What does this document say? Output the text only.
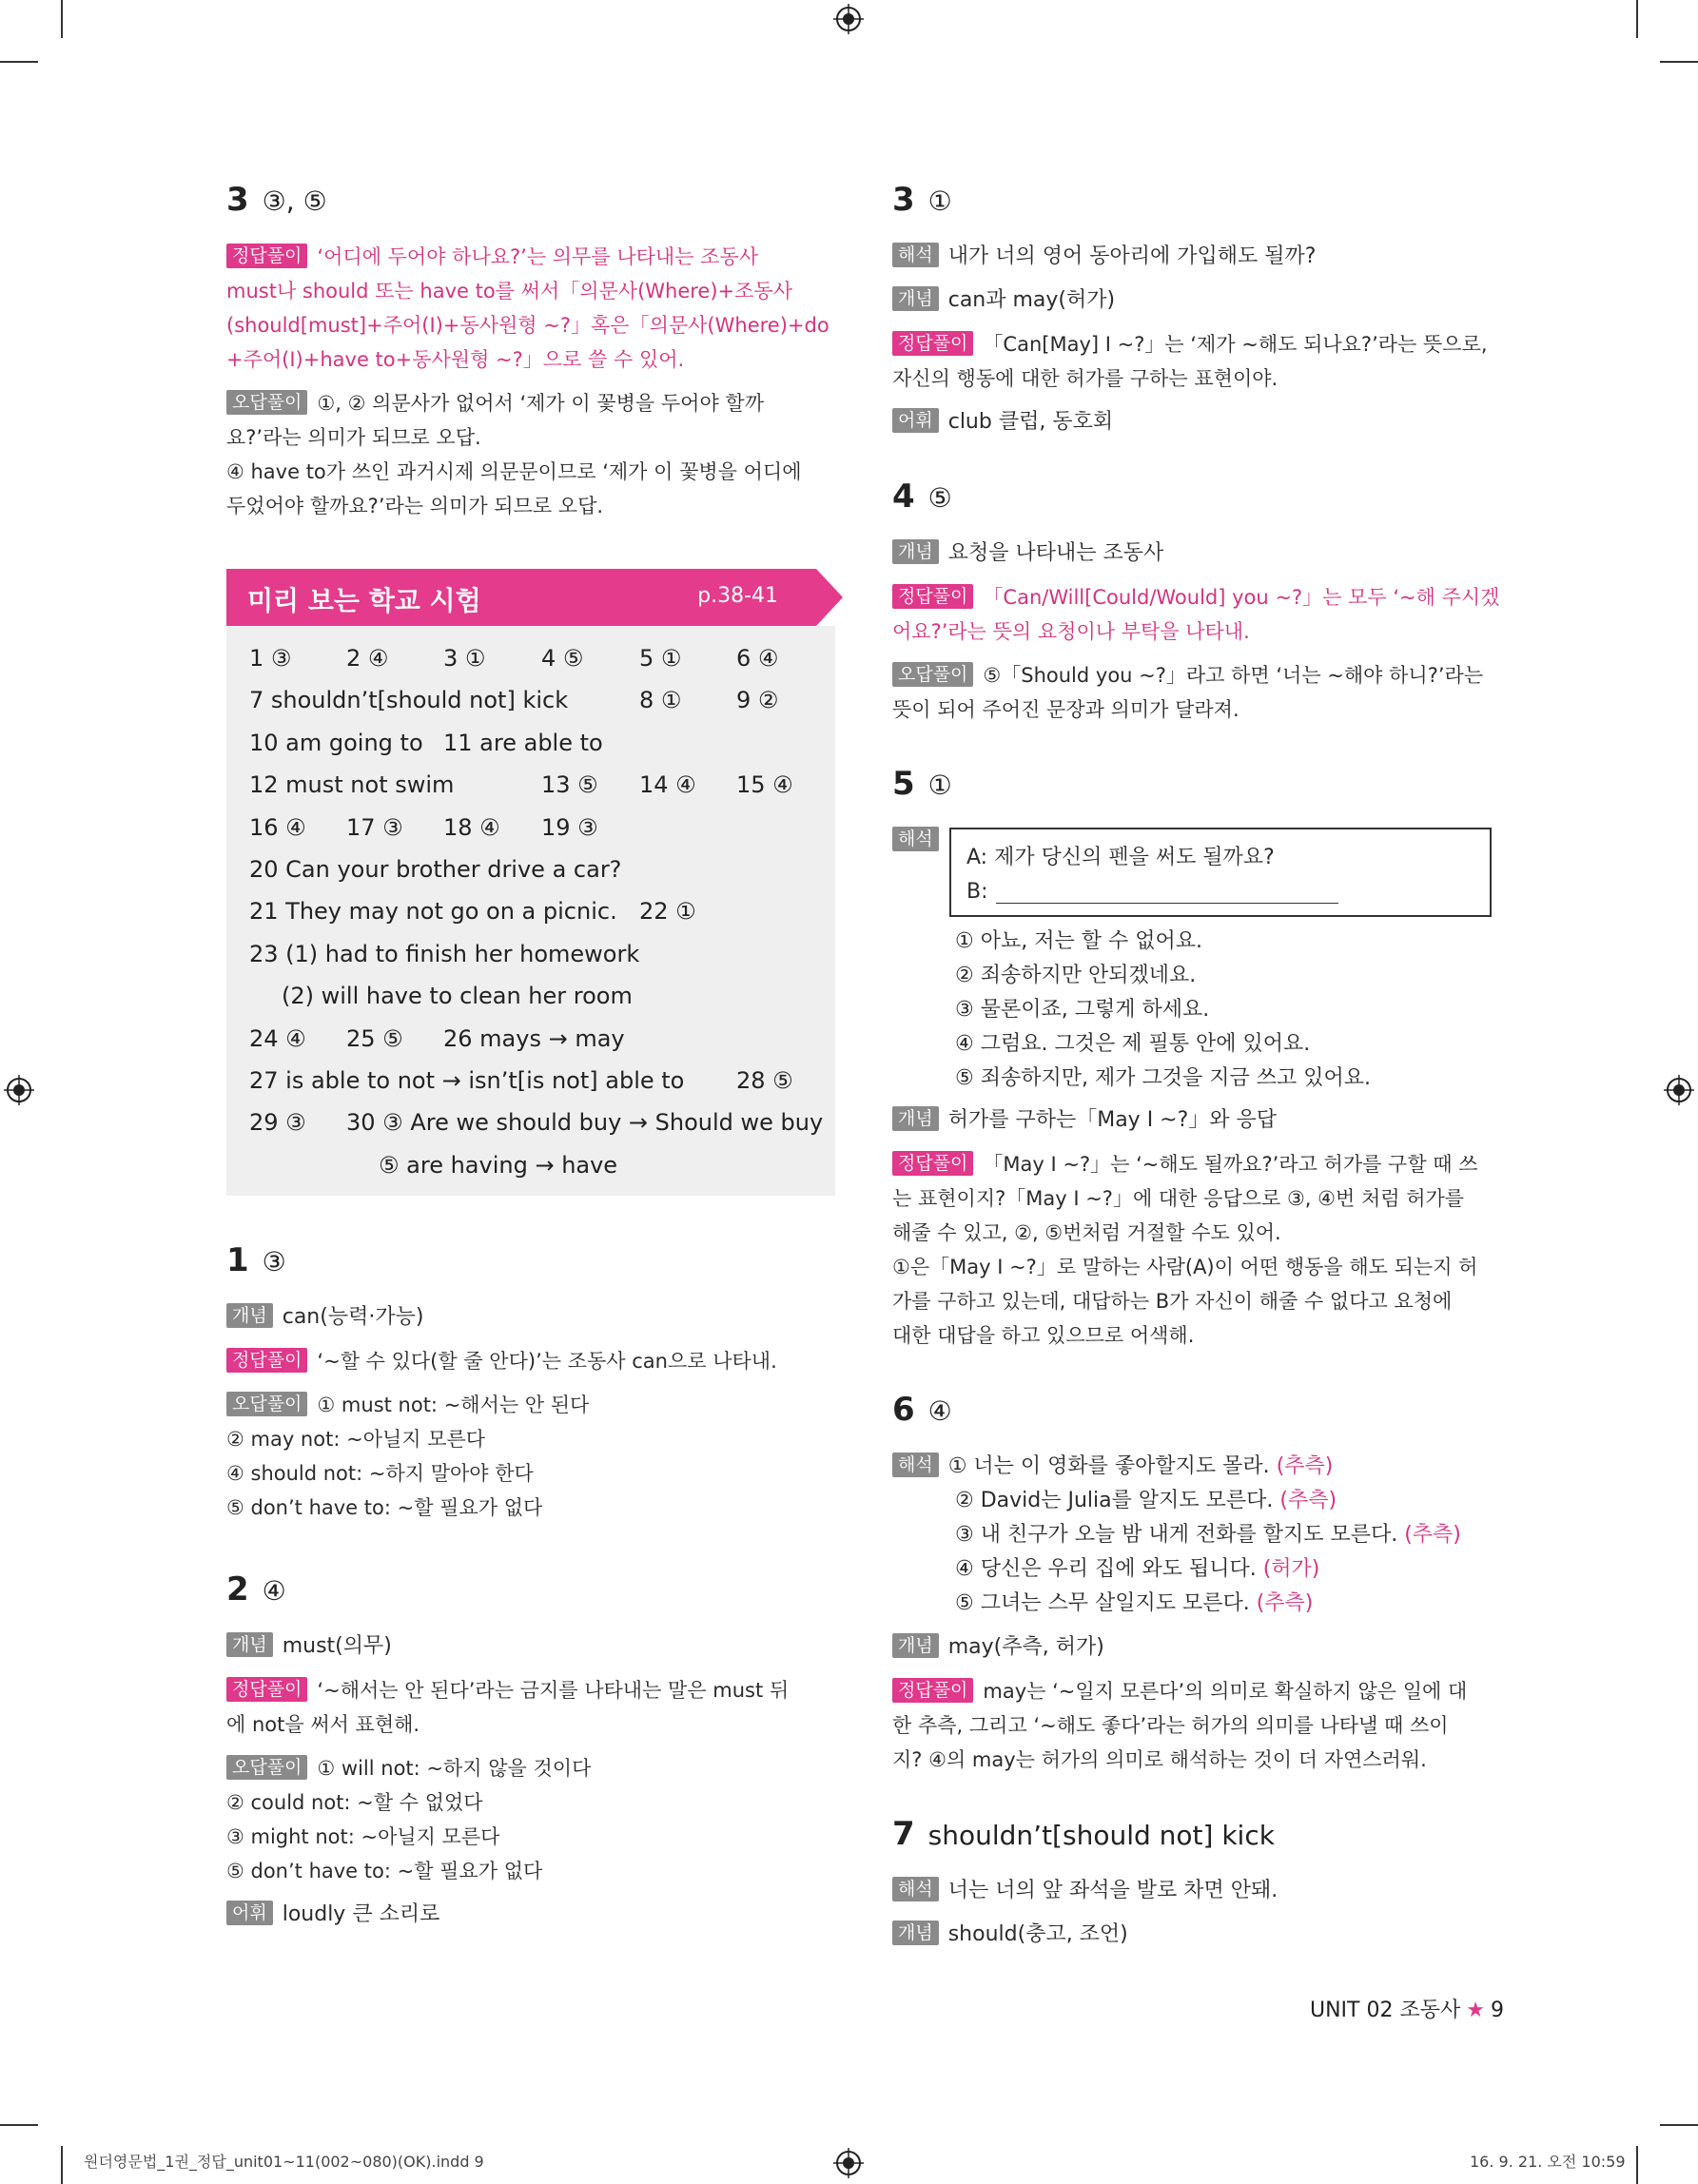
3 ③, ⑤
정답풀이 ‘어디에 두어야 하나요?’는 의무를 나타내는 조동사
must나 should 또는 have to를 써서「의문사(Where)+조동사
(should[must]+주어(I)+동사원형 ~?」혹은「의문사(Where)+do
+주어(I)+have to+동사원형 ~?」으로 쓸 수 있어.
오답풀이 ①, ② 의문사가 없어서 ‘제가 이 꽃병을 두어야 할까
요?’라는 의미가 되므로 오답.
④ have to가 쓰인 과거시제 의문문이므로 ‘제가 이 꽃병을 어디에
두었어야 할까요?’라는 의미가 되므로 오답.
미리 보는 학교 시험	p.38-41
1 ③ 2 ④ 3 ① 4 ⑤ 5 ① 6 ④
7 shouldn’t[should not] kick	8 ① 9 ②
10 am going to 11 are able to
12 must not swim	13 ⑤ 14 ④ 15 ④
16 ④ 17 ③ 18 ④ 19 ③
20 Can your brother drive a car?
21 They may not go on a picnic. 22 ①
23 (1) had to finish her homework
(2) will have to clean her room
24 ④ 25 ⑤ 26 mays → may
27 is able to not → isn’t[is not] able to 28 ⑤
29 ③ 30 ③ Are we should buy → Should we buy
⑤ are having → have
1 ③
개념 can(능력·가능)
정답풀이 ‘~할 수 있다(할 줄 안다)’는 조동사 can으로 나타내.
오답풀이 ① must not: ~해서는 안 된다
② may not: ~아닐지 모른다
④ should not: ~하지 말아야 한다
⑤ don’t have to: ~할 필요가 없다
2 ④
개념 must(의무)
정답풀이 ‘~해서는 안 된다’라는 금지를 나타내는 말은 must 뒤
에 not을 써서 표현해.
오답풀이 ① will not: ~하지 않을 것이다
② could not: ~할 수 없었다
③ might not: ~아닐지 모른다
⑤ don’t have to: ~할 필요가 없다
어휘 loudly 큰 소리로
3 ①
해석 내가 너의 영어 동아리에 가입해도 될까?
개념 can과 may(허가)
정답풀이 「Can[May] I ~?」는 ‘제가 ~해도 되나요?’라는 뜻으로,
자신의 행동에 대한 허가를 구하는 표현이야.
어휘 club 클럽, 동호회
4 ⑤
개념 요청을 나타내는 조동사
정답풀이 「Can/Will[Could/Would] you ~?」는 모두 ‘~해 주시겠
어요?’라는 뜻의 요청이나 부탁을 나타내.
오답풀이 ⑤「Should you ~?」라고 하면 ‘너는 ~해야 하니?’라는
뜻이 되어 주어진 문장과 의미가 달라져.
5 ①
해석
A: 제가 당신의 펜을 써도 될까요?
B:
① 아뇨, 저는 할 수 없어요.
② 죄송하지만 안되겠네요.
③ 물론이죠, 그렇게 하세요.
④ 그럼요. 그것은 제 필통 안에 있어요.
⑤ 죄송하지만, 제가 그것을 지금 쓰고 있어요.
개념 허가를 구하는「May I ~?」와 응답
정답풀이 「May I ~?」는 ‘~해도 될까요?’라고 허가를 구할 때 쓰
는 표현이지?「May I ~?」에 대한 응답으로 ③, ④번 처럼 허가를
해줄 수 있고, ②, ⑤번처럼 거절할 수도 있어.
①은「May I ~?」로 말하는 사람(A)이 어떤 행동을 해도 되는지 허
가를 구하고 있는데, 대답하는 B가 자신이 해줄 수 없다고 요청에
대한 대답을 하고 있으므로 어색해.
6 ④
해석 ① 너는 이 영화를 좋아할지도 몰라. (추측)
② David는 Julia를 알지도 모른다. (추측)
③ 내 친구가 오늘 밤 내게 전화를 할지도 모른다. (추측)
④ 당신은 우리 집에 와도 됩니다. (허가)
⑤ 그녀는 스무 살일지도 모른다. (추측)
개념 may(추측, 허가)
정답풀이 may는 ‘~일지 모른다’의 의미로 확실하지 않은 일에 대
한 추측, 그리고 ‘~해도 좋다’라는 허가의 의미를 나타낼 때 쓰이
지? ④의 may는 허가의 의미로 해석하는 것이 더 자연스러워.
7 shouldn’t[should not] kick
해석 너는 너의 앞 좌석을 발로 차면 안돼.
개념 should(충고, 조언)
UNIT 02 조동사 ★ 9
원더영문법_1권_정답_unit01~11(002~080)(OK).indd 9	16. 9. 21. 오전 10:59
